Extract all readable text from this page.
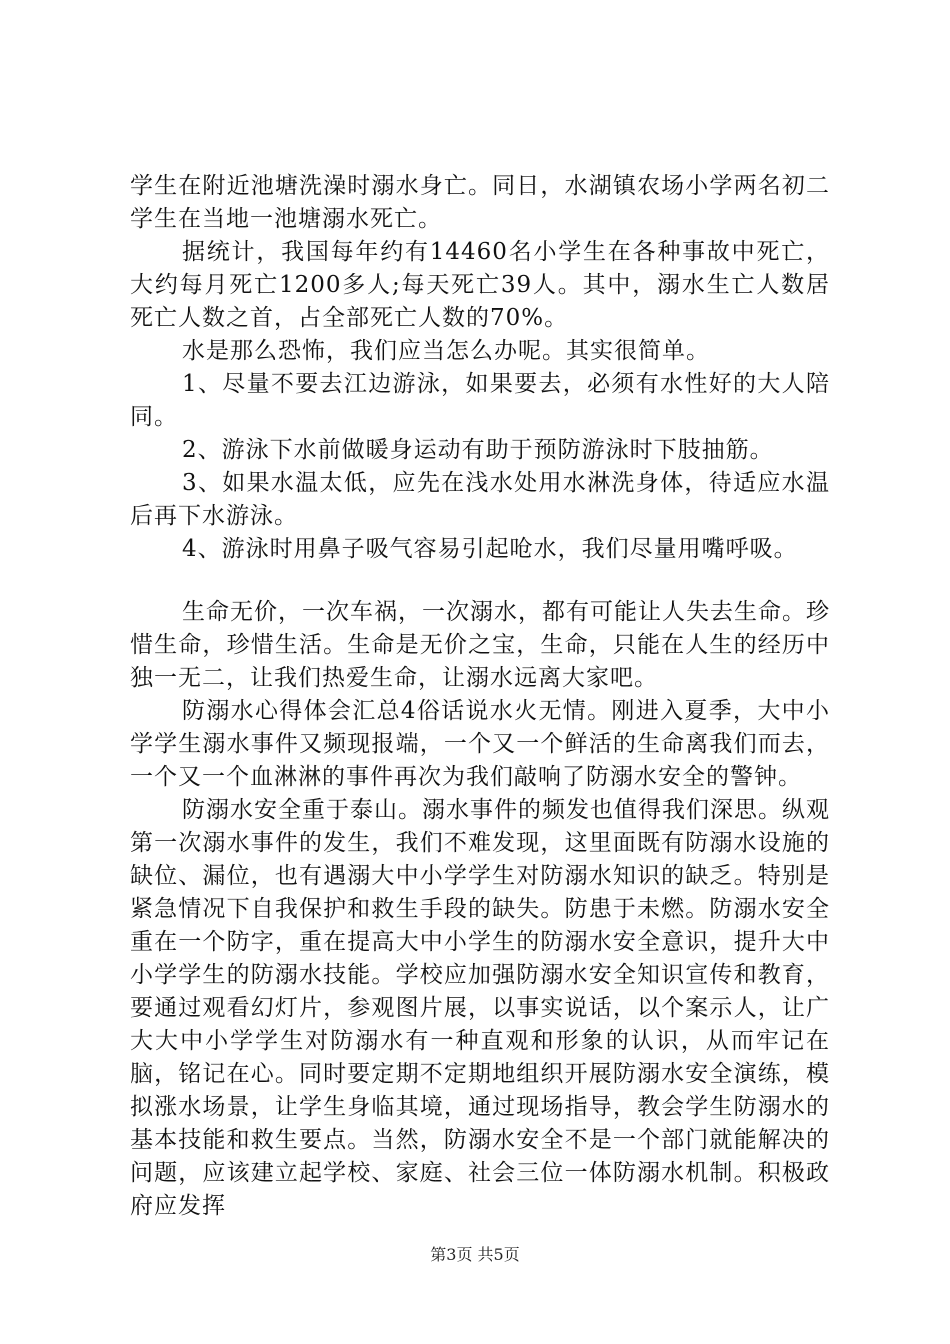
学生在附近池塘洗澡时溺水身亡。同日，水湖镇农场小学两名初二学生在当地一池塘溺水死亡。

据统计，我国每年约有14460名小学生在各种事故中死亡，大约每月死亡1200多人;每天死亡39人。其中，溺水生亡人数居死亡人数之首，占全部死亡人数的70%。

水是那么恐怖，我们应当怎么办呢。其实很简单。

1、尽量不要去江边游泳，如果要去，必须有水性好的大人陪同。

2、游泳下水前做暖身运动有助于预防游泳时下肢抽筋。

3、如果水温太低，应先在浅水处用水淋洗身体，待适应水温后再下水游泳。

4、游泳时用鼻子吸气容易引起呛水，我们尽量用嘴呼吸。

生命无价，一次车祸，一次溺水，都有可能让人失去生命。珍惜生命，珍惜生活。生命是无价之宝，生命，只能在人生的经历中独一无二，让我们热爱生命，让溺水远离大家吧。

防溺水心得体会汇总4俗话说水火无情。刚进入夏季，大中小学学生溺水事件又频现报端，一个又一个鲜活的生命离我们而去，一个又一个血淋淋的事件再次为我们敲响了防溺水安全的警钟。

防溺水安全重于泰山。溺水事件的频发也值得我们深思。纵观第一次溺水事件的发生，我们不难发现，这里面既有防溺水设施的缺位、漏位，也有遇溺大中小学学生对防溺水知识的缺乏。特别是紧急情况下自我保护和救生手段的缺失。防患于未燃。防溺水安全重在一个防字，重在提高大中小学生的防溺水安全意识，提升大中小学学生的防溺水技能。学校应加强防溺水安全知识宣传和教育，要通过观看幻灯片，参观图片展，以事实说话，以个案示人，让广大大中小学学生对防溺水有一种直观和形象的认识，从而牢记在脑，铭记在心。同时要定期不定期地组织开展防溺水安全演练，模拟涨水场景，让学生身临其境，通过现场指导，教会学生防溺水的基本技能和救生要点。当然，防溺水安全不是一个部门就能解决的问题，应该建立起学校、家庭、社会三位一体防溺水机制。积极政府应发挥

第3页 共5页
